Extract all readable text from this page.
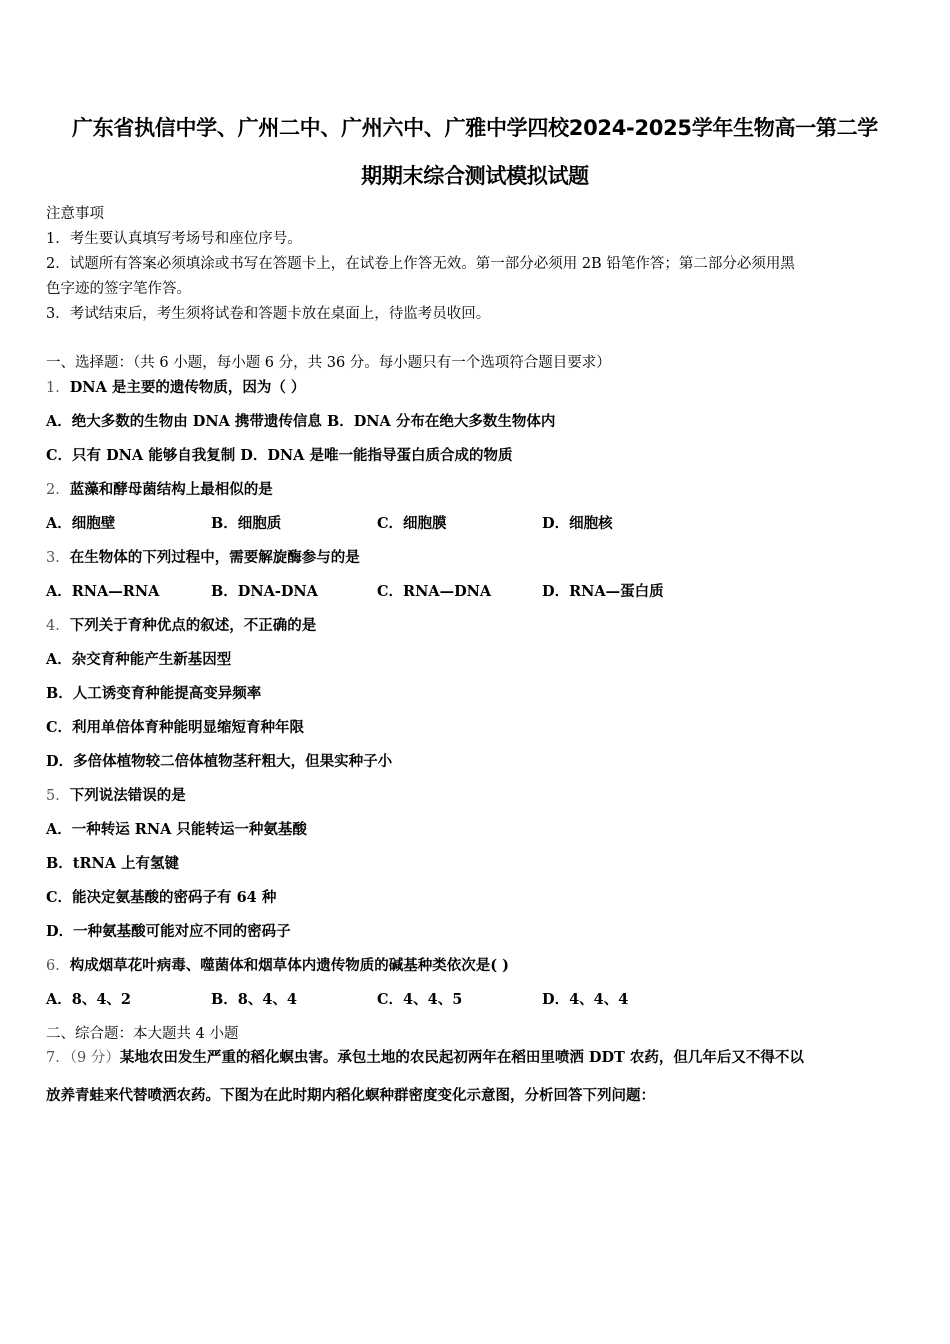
广东省执信中学、广州二中、广州六中、广雅中学四校2024-2025学年生物高一第二学
期期末综合测试模拟试题
注意事项
1．考生要认真填写考场号和座位序号。
2．试题所有答案必须填涂或书写在答题卡上，在试卷上作答无效。第一部分必须用 2B 铅笔作答；第二部分必须用黑
色字迹的签字笔作答。
3．考试结束后，考生须将试卷和答题卡放在桌面上，待监考员收回。
一、选择题：（共 6 小题，每小题 6 分，共 36 分。每小题只有一个选项符合题目要求）
1．DNA 是主要的遗传物质，因为（ ）
A．绝大多数的生物由 DNA 携带遗传信息 B．DNA 分布在绝大多数生物体内
C．只有 DNA 能够自我复制 D．DNA 是唯一能指导蛋白质合成的物质
2．蓝藻和酵母菌结构上最相似的是
A．细胞壁	B．细胞质	C．细胞膜	D．细胞核
3．在生物体的下列过程中，需要解旋酶参与的是
A．RNA—RNA	B．DNA-DNA	C．RNA—DNA	D．RNA—蛋白质
4．下列关于育种优点的叙述，不正确的是
A．杂交育种能产生新基因型
B．人工诱变育种能提高变异频率
C．利用单倍体育种能明显缩短育种年限
D．多倍体植物较二倍体植物茎秆粗大，但果实种子小
5．下列说法错误的是
A．一种转运 RNA 只能转运一种氨基酸
B．tRNA 上有氢键
C．能决定氨基酸的密码子有 64 种
D．一种氨基酸可能对应不同的密码子
6．构成烟草花叶病毒、噬菌体和烟草体内遗传物质的碱基种类依次是( )
A．8、4、2	B．8、4、4	C．4、4、5	D．4、4、4
二、综合题：本大题共 4 小题
7．（9 分）某地农田发生严重的稻化螟虫害。承包土地的农民起初两年在稻田里喷洒 DDT 农药，但几年后又不得不以
放养青蛙来代替喷洒农药。下图为在此时期内稻化螟种群密度变化示意图，分析回答下列问题：
